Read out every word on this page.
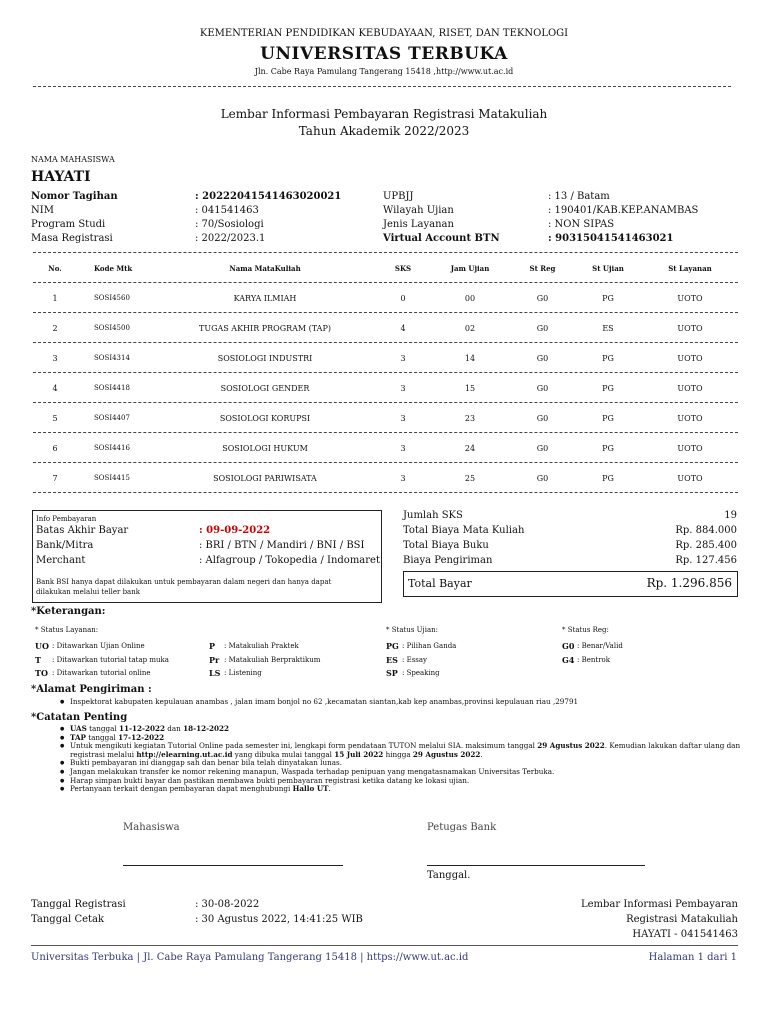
KEMENTERIAN PENDIDIKAN KEBUDAYAAN, RISET, DAN TEKNOLOGI
UNIVERSITAS TERBUKA
Jln. Cabe Raya Pamulang Tangerang 15418 ,http://www.ut.ac.id
Lembar Informasi Pembayaran Registrasi Matakuliah
Tahun Akademik 2022/2023
NAMA MAHASISWA
HAYATI
Nomor Tagihan	: 20222041541463020021
NIM	: 041541463
Program Studi	: 70/Sosiologi
Masa Registrasi	: 2022/2023.1
UPBJJ	: 13 / Batam
Wilayah Ujian	: 190401/KAB.KEP.ANAMBAS
Jenis Layanan	: NON SIPAS
Virtual Account BTN	: 90315041541463021
No.	Kode Mtk	Nama MataKuliah	SKS	Jam Ujian	St Reg	St Ujian	St Layanan
1	SOSI4560	KARYA ILMIAH	0	00	G0	PG	UOTO
2	SOSI4500	TUGAS AKHIR PROGRAM (TAP)	4	02	G0	ES	UOTO
3	SOSI4314	SOSIOLOGI INDUSTRI	3	14	G0	PG	UOTO
4	SOSI4418	SOSIOLOGI GENDER	3	15	G0	PG	UOTO
5	SOSI4407	SOSIOLOGI KORUPSI	3	23	G0	PG	UOTO
6	SOSI4416	SOSIOLOGI HUKUM	3	24	G0	PG	UOTO
7	SOSI4415	SOSIOLOGI PARIWISATA	3	25	G0	PG	UOTO
Info Pembayaran
Batas Akhir Bayar	: 09-09-2022
Bank/Mitra	: BRI / BTN / Mandiri / BNI / BSI
Merchant	: Alfagroup / Tokopedia / Indomaret
Bank BSI hanya dapat dilakukan untuk pembayaran dalam negeri dan hanya dapat dilakukan melalui teller bank
Jumlah SKS	19
Total Biaya Mata Kuliah	Rp. 884.000
Total Biaya Buku	Rp. 285.400
Biaya Pengiriman	Rp. 127.456
Total Bayar	Rp. 1.296.856
*Keterangan:
* Status Layanan:
UO : Ditawarkan Ujian Online
T : Ditawarkan tutorial tatap muka
TO : Ditawarkan tutorial online
P : Matakuliah Praktek
Pr : Matakuliah Berpraktikum
LS : Listening
* Status Ujian:
PG : Pilihan Ganda
ES : Essay
SP : Speaking
* Status Reg:
G0 : Benar/Valid
G4 : Bentrok
*Alamat Pengiriman :
● Inspektorat kabupaten kepulauan anambas , jalan imam bonjol no 62 ,kecamatan siantan,kab kep anambas,provinsi kepulauan riau ,29791
*Catatan Penting
● UAS tanggal 11-12-2022 dan 18-12-2022
● TAP tanggal 17-12-2022
● Untuk mengikuti kegiatan Tutorial Online pada semester ini, lengkapi form pendataan TUTON melalui SIA. maksimum tanggal 29 Agustus 2022. Kemudian lakukan daftar ulang dan registrasi melalui http://elearning.ut.ac.id yang dibuka mulai tanggal 15 Juli 2022 hingga 29 Agustus 2022.
● Bukti pembayaran ini dianggap sah dan benar bila telah dinyatakan lunas.
● Jangan melakukan transfer ke nomor rekening manapun, Waspada terhadap penipuan yang mengatasnamakan Universitas Terbuka.
● Harap simpan bukti bayar dan pastikan membawa bukti pembayaran registrasi ketika datang ke lokasi ujian.
● Pertanyaan terkait dengan pembayaran dapat menghubungi Hallo UT.
Mahasiswa	Petugas Bank
Tanggal.
Tanggal Registrasi	: 30-08-2022
Tanggal Cetak	: 30 Agustus 2022, 14:41:25 WIB
Lembar Informasi Pembayaran
Registrasi Matakuliah
HAYATI - 041541463
Universitas Terbuka | Jl. Cabe Raya Pamulang Tangerang 15418 | https://www.ut.ac.id	Halaman 1 dari 1
